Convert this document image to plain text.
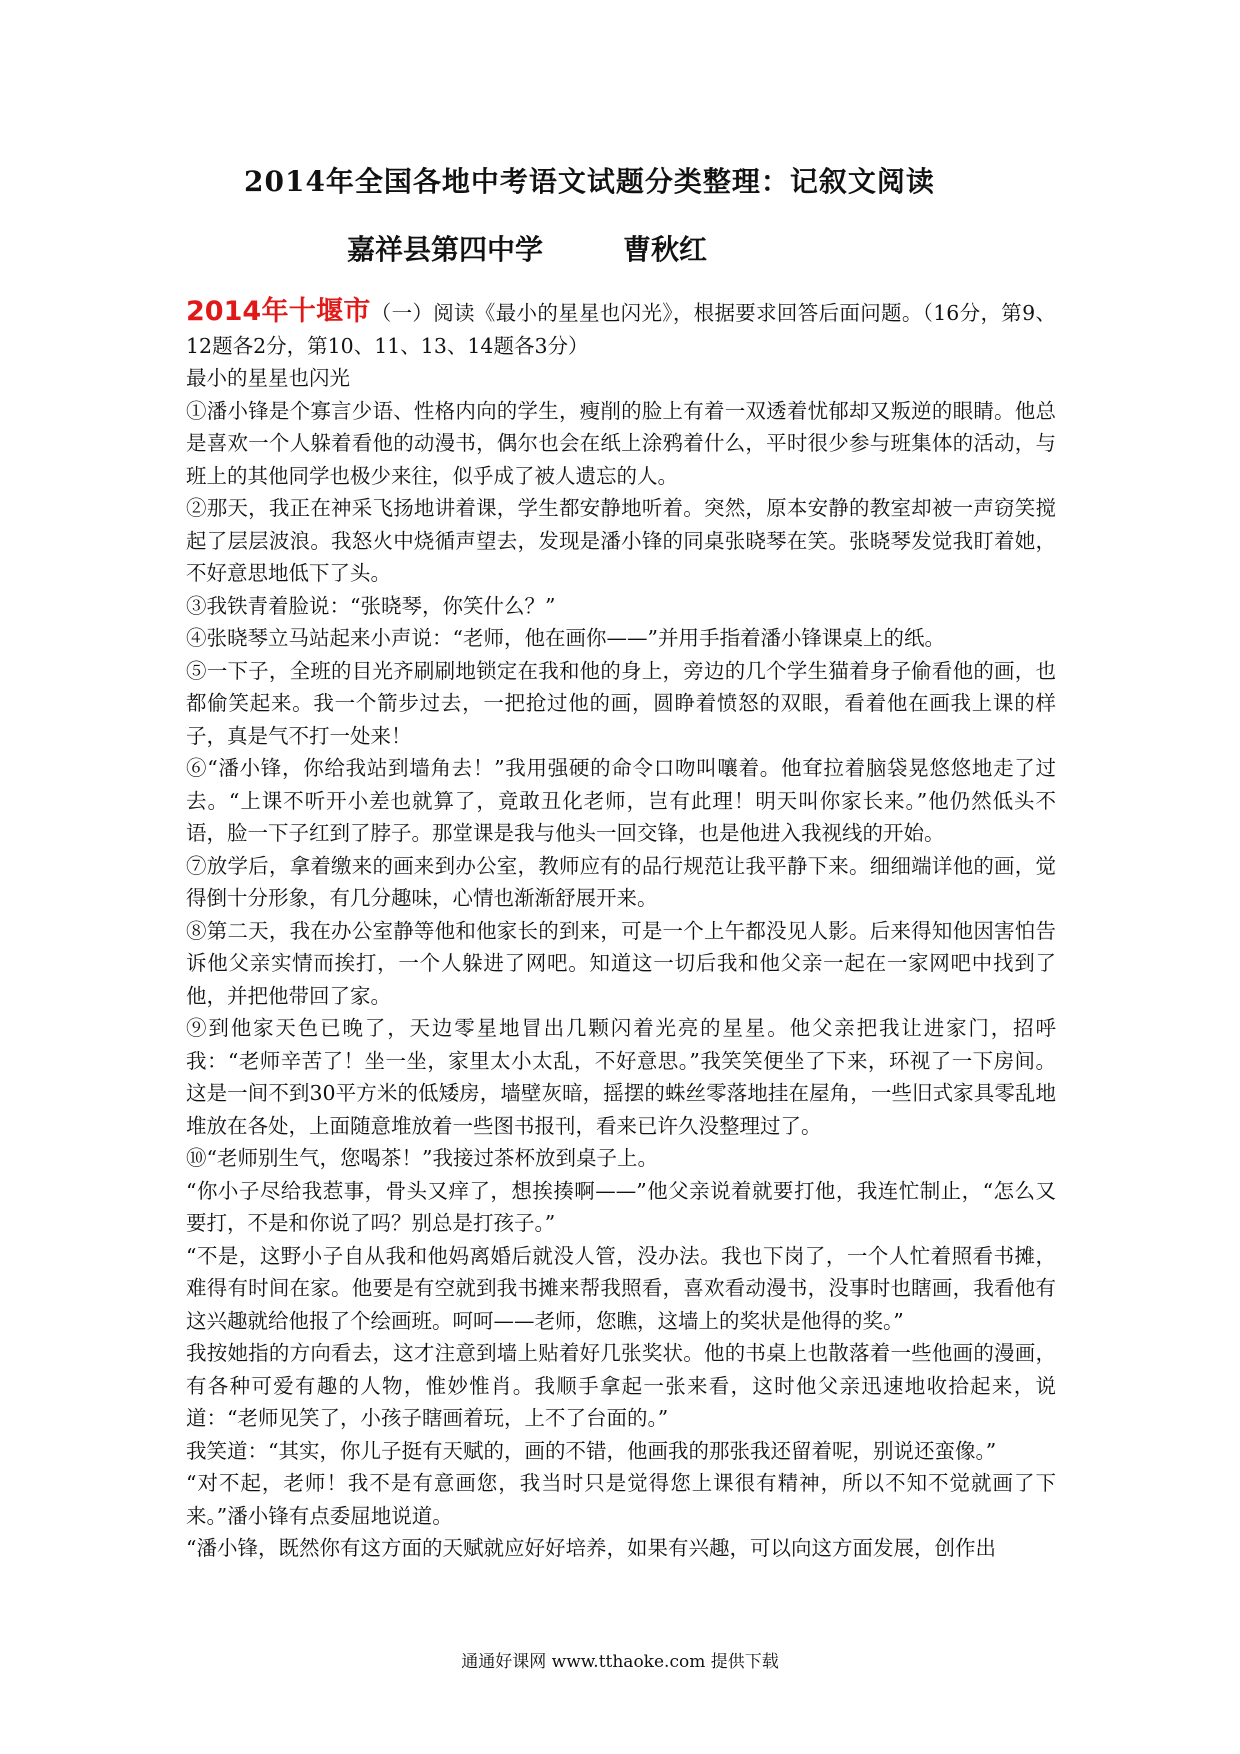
2014年全国各地中考语文试题分类整理：记叙文阅读
嘉祥县第四中学	曹秋红

2014年十堰市（一）阅读《最小的星星也闪光》，根据要求回答后面问题。（16分，第9、12题各2分，第10、11、13、14题各3分）

最小的星星也闪光

①潘小锋是个寡言少语、性格内向的学生，瘦削的脸上有着一双透着忧郁却又叛逆的眼睛。他总是喜欢一个人躲着看他的动漫书，偶尔也会在纸上涂鸦着什么，平时很少参与班集体的活动，与班上的其他同学也极少来往，似乎成了被人遗忘的人。

②那天，我正在神采飞扬地讲着课，学生都安静地听着。突然，原本安静的教室却被一声窃笑搅起了层层波浪。我怒火中烧循声望去，发现是潘小锋的同桌张晓琴在笑。张晓琴发觉我盯着她，不好意思地低下了头。

③我铁青着脸说：“张晓琴，你笑什么？”

④张晓琴立马站起来小声说：“老师，他在画你——”并用手指着潘小锋课桌上的纸。

⑤一下子，全班的目光齐刷刷地锁定在我和他的身上，旁边的几个学生猫着身子偷看他的画，也都偷笑起来。我一个箭步过去，一把抢过他的画，圆睁着愤怒的双眼，看着他在画我上课的样子，真是气不打一处来！

⑥“潘小锋，你给我站到墙角去！”我用强硬的命令口吻叫嚷着。他耷拉着脑袋晃悠悠地走了过去。“上课不听开小差也就算了，竟敢丑化老师，岂有此理！明天叫你家长来。”他仍然低头不语，脸一下子红到了脖子。那堂课是我与他头一回交锋，也是他进入我视线的开始。

⑦放学后，拿着缴来的画来到办公室，教师应有的品行规范让我平静下来。细细端详他的画，觉得倒十分形象，有几分趣味，心情也渐渐舒展开来。

⑧第二天，我在办公室静等他和他家长的到来，可是一个上午都没见人影。后来得知他因害怕告诉他父亲实情而挨打，一个人躲进了网吧。知道这一切后我和他父亲一起在一家网吧中找到了他，并把他带回了家。

⑨到他家天色已晚了，天边零星地冒出几颗闪着光亮的星星。他父亲把我让进家门，招呼我：“老师辛苦了！坐一坐，家里太小太乱，不好意思。”我笑笑便坐了下来，环视了一下房间。这是一间不到30平方米的低矮房，墙壁灰暗，摇摆的蛛丝零落地挂在屋角，一些旧式家具零乱地堆放在各处，上面随意堆放着一些图书报刊，看来已许久没整理过了。

⑩“老师别生气，您喝茶！”我接过茶杯放到桌子上。

“你小子尽给我惹事，骨头又痒了，想挨揍啊——”他父亲说着就要打他，我连忙制止，“怎么又要打，不是和你说了吗？别总是打孩子。”

“不是，这野小子自从我和他妈离婚后就没人管，没办法。我也下岗了，一个人忙着照看书摊，难得有时间在家。他要是有空就到我书摊来帮我照看，喜欢看动漫书，没事时也瞎画，我看他有这兴趣就给他报了个绘画班。呵呵——老师，您瞧，这墙上的奖状是他得的奖。”

我按她指的方向看去，这才注意到墙上贴着好几张奖状。他的书桌上也散落着一些他画的漫画，有各种可爱有趣的人物，惟妙惟肖。我顺手拿起一张来看，这时他父亲迅速地收拾起来，说道：“老师见笑了，小孩子瞎画着玩，上不了台面的。”

我笑道：“其实，你儿子挺有天赋的，画的不错，他画我的那张我还留着呢，别说还蛮像。”

“对不起，老师！我不是有意画您，我当时只是觉得您上课很有精神，所以不知不觉就画了下来。”潘小锋有点委屈地说道。

“潘小锋，既然你有这方面的天赋就应好好培养，如果有兴趣，可以向这方面发展，创作出

通通好课网 www.tthaoke.com 提供下载
